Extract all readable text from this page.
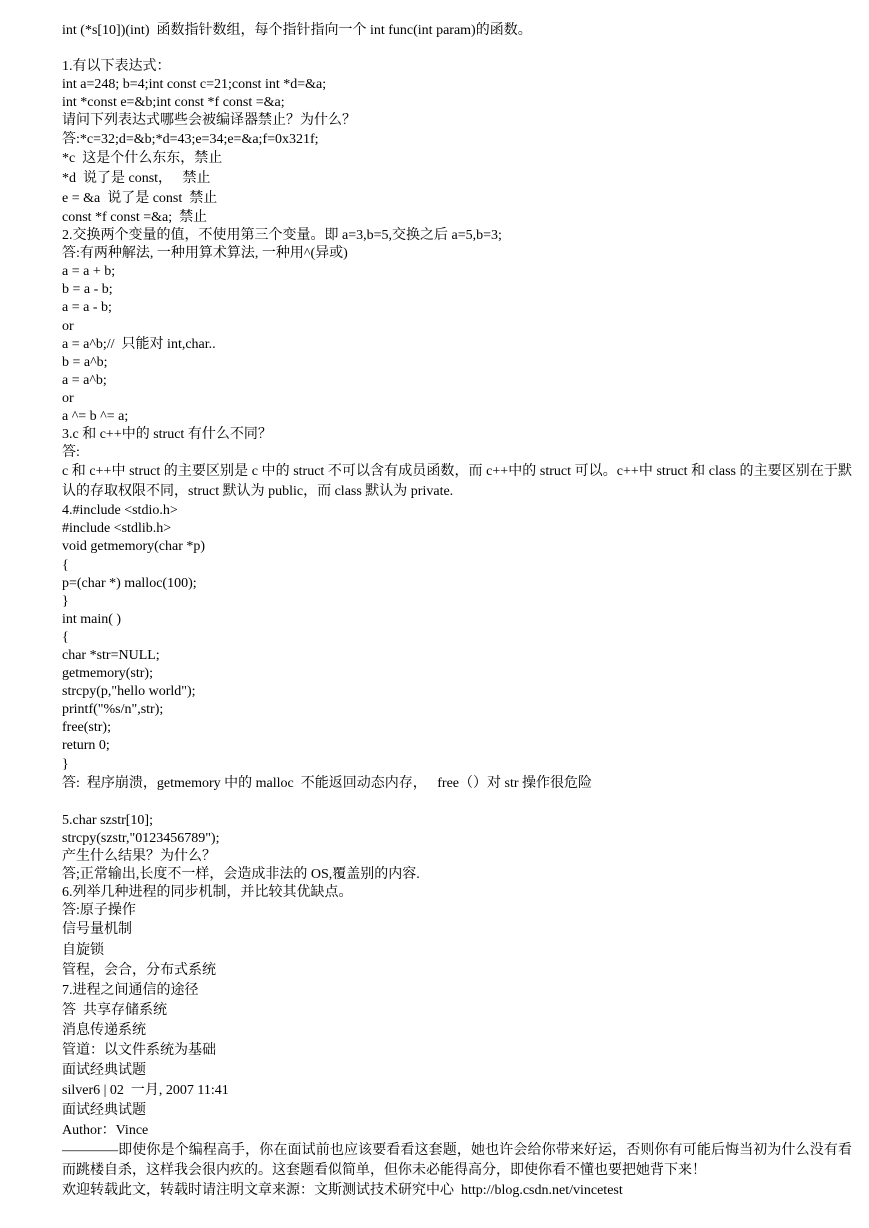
int (*s[10])(int)  函数指针数组，每个指针指向一个 int func(int param)的函数。
1.有以下表达式：
int a=248; b=4;int const c=21;const int *d=&a;
int *const e=&b;int const *f const =&a;
请问下列表达式哪些会被编译器禁止？为什么？
答:*c=32;d=&b;*d=43;e=34;e=&a;f=0x321f;
*c  这是个什么东东，禁止
*d  说了是 const，   禁止
e = &a  说了是 const  禁止
const *f const =&a;  禁止
2.交换两个变量的值，不使用第三个变量。即 a=3,b=5,交换之后 a=5,b=3;
答:有两种解法, 一种用算术算法, 一种用^(异或)
a = a + b;
b = a - b;
a = a - b;
or
a = a^b;//  只能对 int,char..
b = a^b;
a = a^b;
or
a ^= b ^= a;
3.c 和 c++中的 struct 有什么不同？
答:
c 和 c++中 struct 的主要区别是 c 中的 struct 不可以含有成员函数，而 c++中的 struct 可以。c++中 struct 和 class 的主要区别在于默认的存取权限不同，struct 默认为 public，而 class 默认为 private.
4.#include <stdio.h>
#include <stdlib.h>
void getmemory(char *p)
{
p=(char *) malloc(100);
}
int main( )
{
char *str=NULL;
getmemory(str);
strcpy(p,"hello world");
printf("%s/n",str);
free(str);
return 0;
}
答:  程序崩溃，getmemory 中的 malloc  不能返回动态内存，   free（）对 str 操作很危险
5.char szstr[10];
strcpy(szstr,"0123456789");
产生什么结果？为什么？
答;正常输出,长度不一样，会造成非法的 OS,覆盖别的内容.
6.列举几种进程的同步机制，并比较其优缺点。
答:原子操作
信号量机制
自旋锁
管程，会合，分布式系统
7.进程之间通信的途径
答  共享存储系统
消息传递系统
管道：以文件系统为基础
面试经典试题
silver6 | 02  一月, 2007 11:41
面试经典试题
Author：Vince
————即使你是个编程高手，你在面试前也应该要看看这套题，她也许会给你带来好运，否则你有可能后悔当初为什么没有看而跳楼自杀，这样我会很内疚的。这套题看似简单，但你未必能得高分，即使你看不懂也要把她背下来！
欢迎转载此文，转载时请注明文章来源：文斯测试技术研究中心  http://blog.csdn.net/vincetest
